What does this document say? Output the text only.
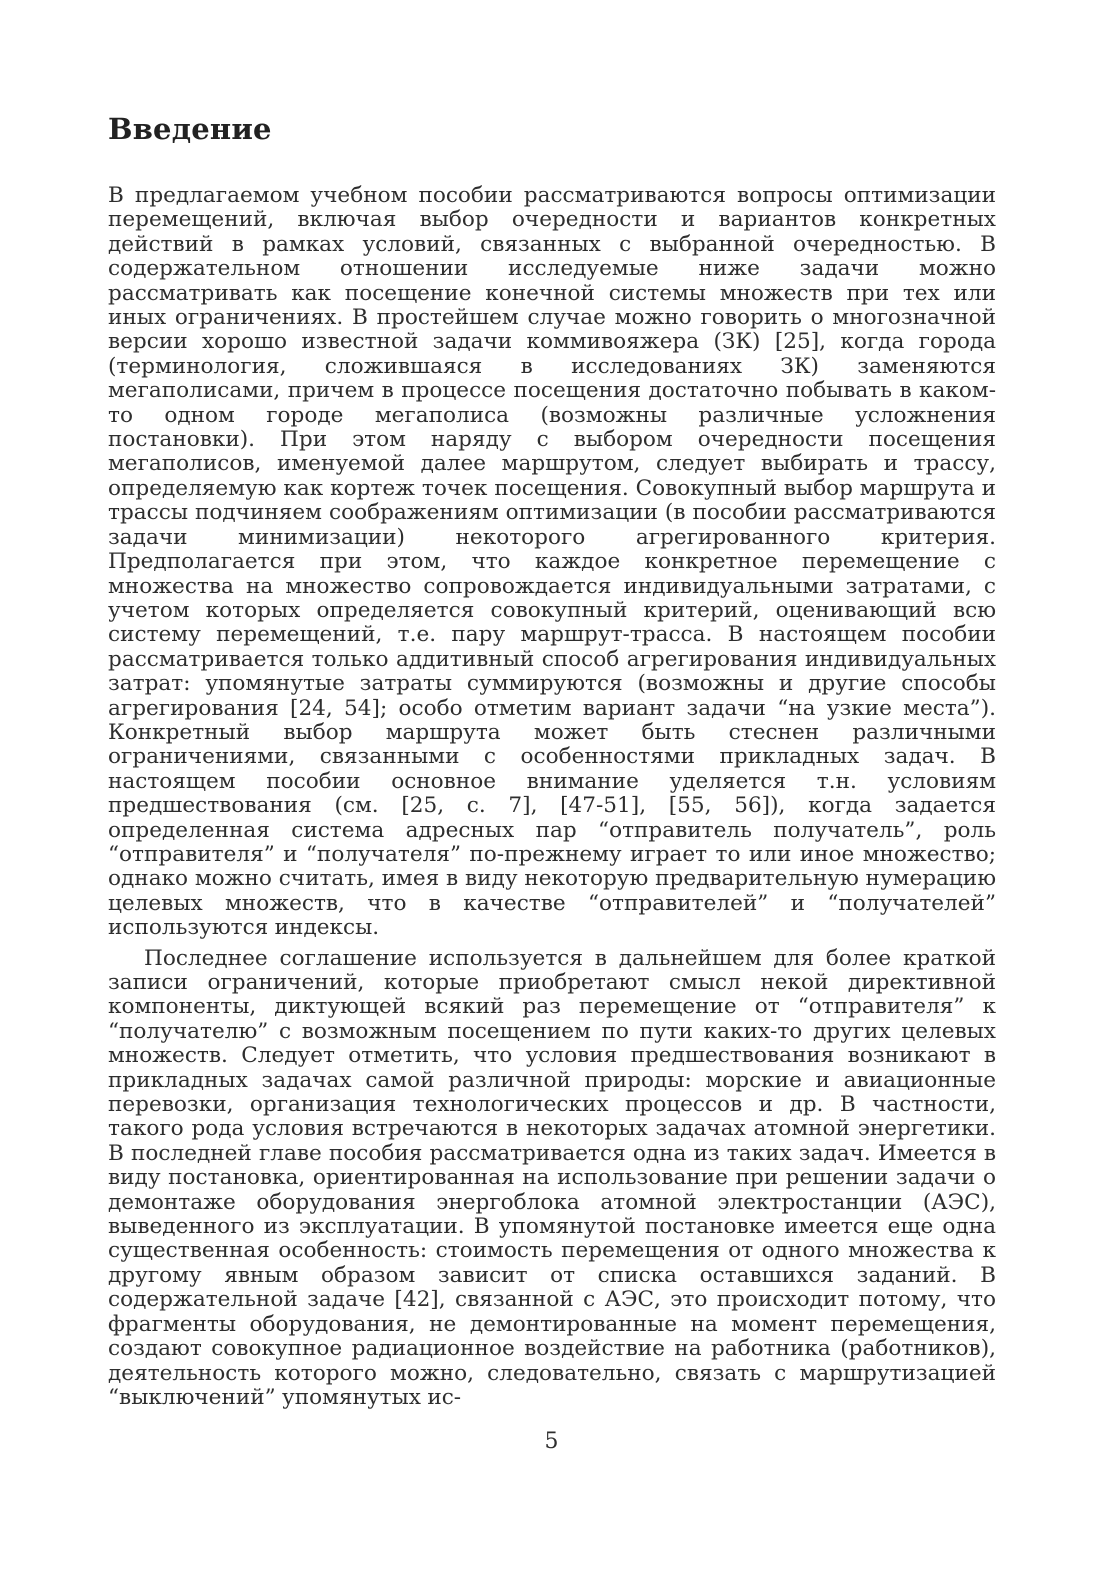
Введение

В предлагаемом учебном пособии рассматриваются вопросы оптимизации перемещений, включая выбор очередности и вариантов конкретных действий в рамках условий, связанных с выбранной очередностью. В содержательном отношении исследуемые ниже задачи можно рассматривать как посещение конечной системы множеств при тех или иных ограничениях. В простейшем случае можно говорить о многозначной версии хорошо известной задачи коммивояжера (ЗК) [25], когда города (терминология, сложившаяся в исследованиях ЗК) заменяются мегаполисами, причем в процессе посещения достаточно побывать в каком-то одном городе мегаполиса (возможны различные усложнения постановки). При этом наряду с выбором очередности посещения мегаполисов, именуемой далее маршрутом, следует выбирать и трассу, определяемую как кортеж точек посещения. Совокупный выбор маршрута и трассы подчиняем соображениям оптимизации (в пособии рассматриваются задачи минимизации) некоторого агрегированного критерия. Предполагается при этом, что каждое конкретное перемещение с множества на множество сопровождается индивидуальными затратами, с учетом которых определяется совокупный критерий, оценивающий всю систему перемещений, т.е. пару маршрут-трасса. В настоящем пособии рассматривается только аддитивный способ агрегирования индивидуальных затрат: упомянутые затраты суммируются (возможны и другие способы агрегирования [24, 54]; особо отметим вариант задачи “на узкие места”). Конкретный выбор маршрута может быть стеснен различными ограничениями, связанными с особенностями прикладных задач. В настоящем пособии основное внимание уделяется т.н. условиям предшествования (см. [25, с. 7], [47-51], [55, 56]), когда задается определенная система адресных пар “отправитель получатель”, роль “отправителя” и “получателя” по-прежнему играет то или иное множество; однако можно считать, имея в виду некоторую предварительную нумерацию целевых множеств, что в качестве “отправителей” и “получателей” используются индексы.

Последнее соглашение используется в дальнейшем для более краткой записи ограничений, которые приобретают смысл некой директивной компоненты, диктующей всякий раз перемещение от “отправителя” к “получателю” с возможным посещением по пути каких-то других целевых множеств. Следует отметить, что условия предшествования возникают в прикладных задачах самой различной природы: морские и авиационные перевозки, организация технологических процессов и др. В частности, такого рода условия встречаются в некоторых задачах атомной энергетики. В последней главе пособия рассматривается одна из таких задач. Имеется в виду постановка, ориентированная на использование при решении задачи о демонтаже оборудования энергоблока атомной электростанции (АЭС), выведенного из эксплуатации. В упомянутой постановке имеется еще одна существенная особенность: стоимость перемещения от одного множества к другому явным образом зависит от списка оставшихся заданий. В содержательной задаче [42], связанной с АЭС, это происходит потому, что фрагменты оборудования, не демонтированные на момент перемещения, создают совокупное радиационное воздействие на работника (работников), деятельность которого можно, следовательно, связать с маршрутизацией “выключений” упомянутых ис-

5
